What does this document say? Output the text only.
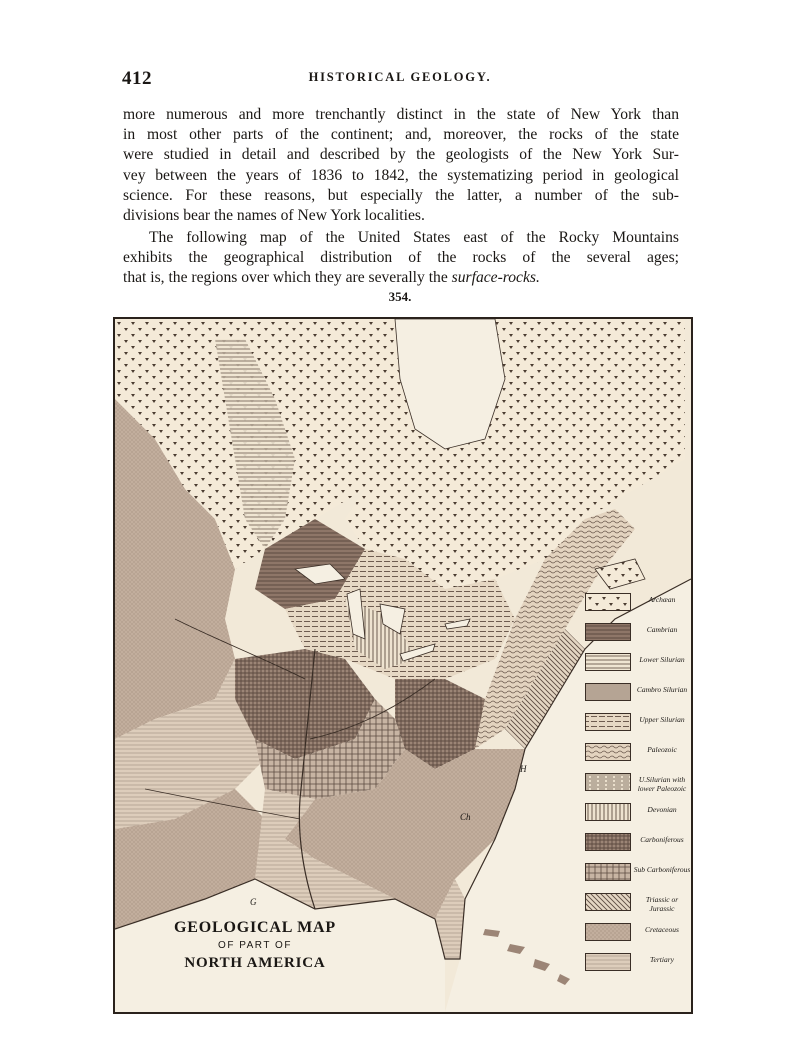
412	HISTORICAL GEOLOGY.
more numerous and more trenchantly distinct in the state of New York than
in most other parts of the continent; and, moreover, the rocks of the state
were studied in detail and described by the geologists of the New York Sur-
vey between the years of 1836 to 1842, the systematizing period in geological
science. For these reasons, but especially the latter, a number of the sub-
divisions bear the names of New York localities.
The following map of the United States east of the Rocky Mountains
exhibits the geographical distribution of the rocks of the several ages;
that is, the regions over which they are severally the surface-rocks.
354.
H
Ch
G
GEOLOGICAL MAP
OF PART OF
NORTH AMERICA
Archæan
Cambrian
Lower Silurian
Cambro Silurian
Upper Silurian
Paleozoic
U.Silurian with lower Paleozoic
Devonian
Carboniferous
Sub Carboniferous
Triassic or Jurassic
Cretaceous
Tertiary
